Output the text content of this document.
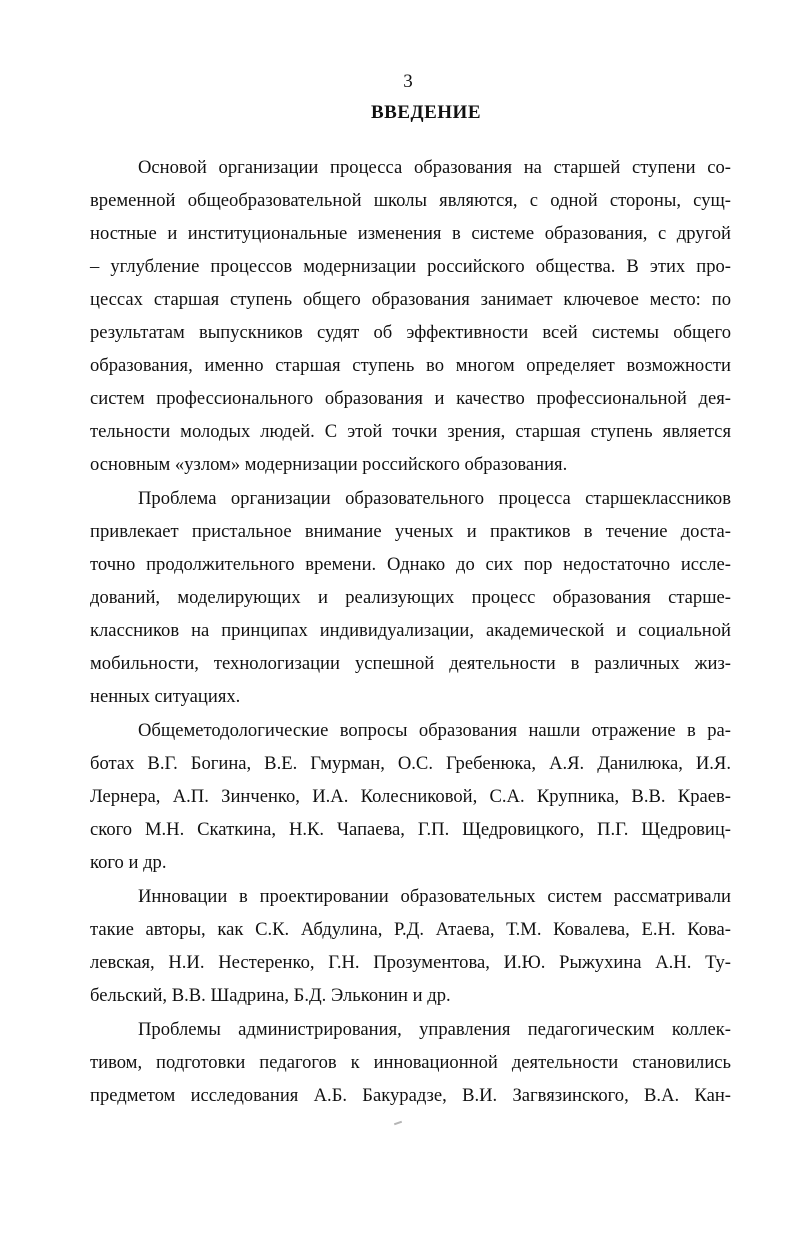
3
ВВЕДЕНИЕ
Основой организации процесса образования на старшей ступени со-
временной общеобразовательной школы являются, с одной стороны, сущ-
ностные и институциональные изменения в системе образования, с другой
– углубление процессов модернизации российского общества. В этих про-
цессах старшая ступень общего образования занимает ключевое место: по
результатам выпускников судят об эффективности всей системы общего
образования, именно старшая ступень во многом определяет возможности
систем профессионального образования и качество профессиональной дея-
тельности молодых людей. С этой точки зрения, старшая ступень является
основным «узлом» модернизации российского образования.
Проблема организации образовательного процесса старшеклассников
привлекает пристальное внимание ученых и практиков в течение доста-
точно продолжительного времени. Однако до сих пор недостаточно иссле-
дований, моделирующих и реализующих процесс образования старше-
классников на принципах индивидуализации, академической и социальной
мобильности, технологизации успешной деятельности в различных жиз-
ненных ситуациях.
Общеметодологические вопросы образования нашли отражение в ра-
ботах В.Г. Богина, В.Е. Гмурман, О.С. Гребенюка, А.Я. Данилюка, И.Я.
Лернера, А.П. Зинченко, И.А. Колесниковой, С.А. Крупника, В.В. Краев-
ского М.Н. Скаткина, Н.К. Чапаева, Г.П. Щедровицкого, П.Г. Щедровиц-
кого и др.
Инновации в проектировании образовательных систем рассматривали
такие авторы, как С.К. Абдулина, Р.Д. Атаева, Т.М. Ковалева, Е.Н. Кова-
левская, Н.И. Нестеренко, Г.Н. Прозументова, И.Ю. Рыжухина А.Н. Ту-
бельский, В.В. Шадрина, Б.Д. Эльконин и др.
Проблемы администрирования, управления педагогическим коллек-
тивом, подготовки педагогов к инновационной деятельности становились
предметом исследования А.Б. Бакурадзе, В.И. Загвязинского, В.А. Кан-
